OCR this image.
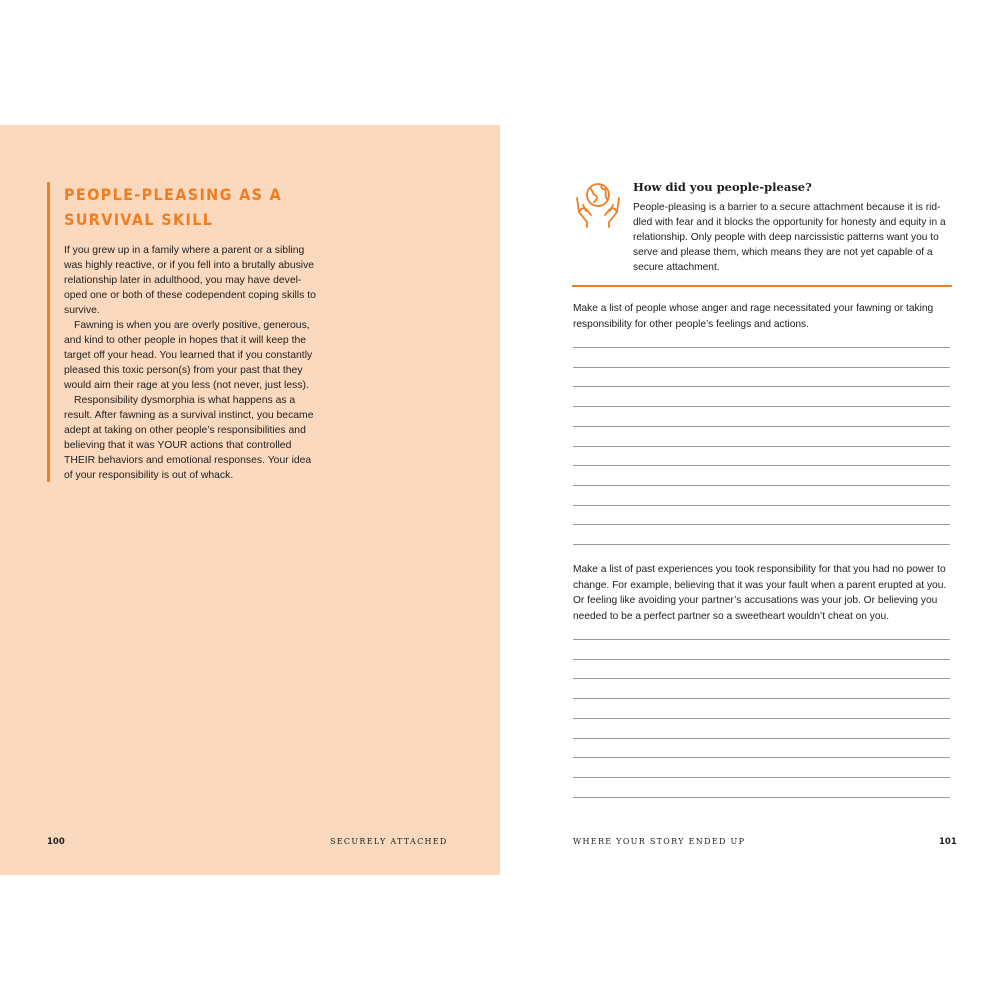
PEOPLE-PLEASING AS A SURVIVAL SKILL

If you grew up in a family where a parent or a sibling was highly reactive, or if you fell into a brutally abusive relationship later in adulthood, you may have devel-oped one or both of these codependent coping skills to survive.

Fawning is when you are overly positive, generous, and kind to other people in hopes that it will keep the target off your head. You learned that if you constantly pleased this toxic person(s) from your past that they would aim their rage at you less (not never, just less).

Responsibility dysmorphia is what happens as a result. After fawning as a survival instinct, you became adept at taking on other people’s responsibilities and believing that it was YOUR actions that controlled THEIR behaviors and emotional responses. Your idea of your responsibility is out of whack.

100	SECURELY ATTACHED
How did you people-please?
People-pleasing is a barrier to a secure attachment because it is rid-dled with fear and it blocks the opportunity for honesty and equity in a relationship. Only people with deep narcissistic patterns want you to serve and please them, which means they are not yet capable of a secure attachment.
Make a list of people whose anger and rage necessitated your fawning or taking responsibility for other people’s feelings and actions.
Make a list of past experiences you took responsibility for that you had no power to change. For example, believing that it was your fault when a parent erupted at you. Or feeling like avoiding your partner’s accusations was your job. Or believing you needed to be a perfect partner so a sweetheart wouldn’t cheat on you.
WHERE YOUR STORY ENDED UP	101
